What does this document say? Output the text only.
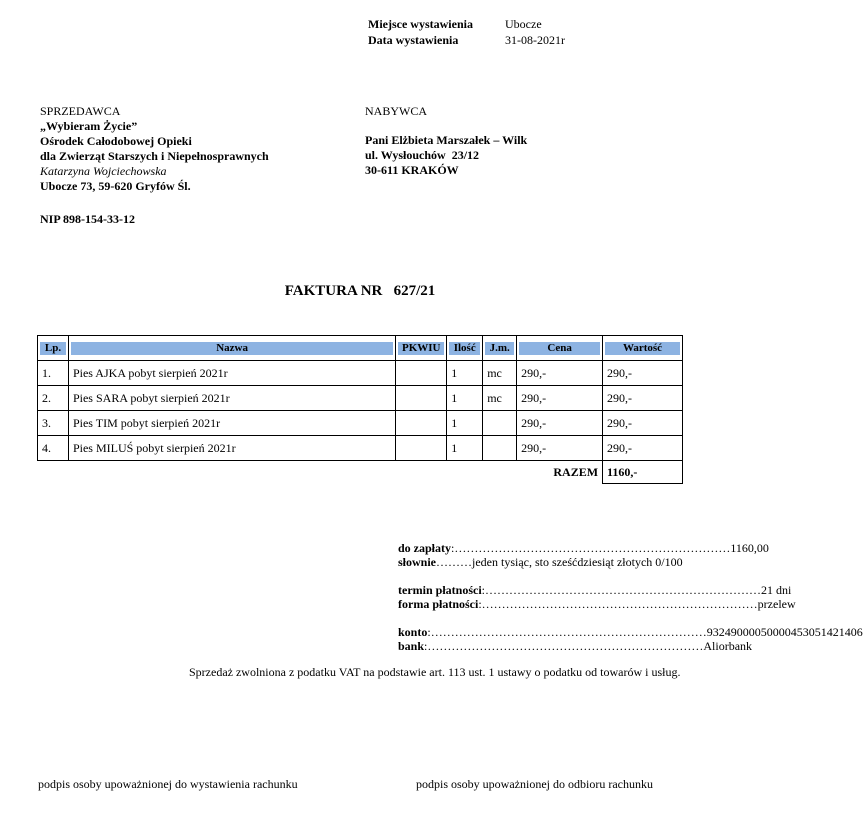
Miejsce wystawienia	Ubocze
Data wystawienia	31-08-2021r
SPRZEDAWCA
„Wybieram Życie”
Ośrodek Całodobowej Opieki
dla Zwierząt Starszych i Niepełnosprawnych
Katarzyna Wojciechowska
Ubocze 73, 59-620 Gryfów Śl.
NIP 898-154-33-12
NABYWCA
Pani Elżbieta Marszałek – Wilk
ul. Wysłouchów  23/12
30-611 KRAKÓW
FAKTURA NR   627/21
Lp.	Nazwa	PKWIU	Ilość	J.m.	Cena	Wartość

1.	Pies AJKA pobyt sierpień 2021r		1	mc	290,-	290,-
2.	Pies SARA pobyt sierpień 2021r		1	mc	290,-	290,-
3.	Pies TIM pobyt sierpień 2021r		1		290,-	290,-
4.	Pies MILUŚ pobyt sierpień 2021r		1		290,-	290,-
RAZEM						1160,-
do zapłaty : …………………………………………………………… 1160,00
słownie ……… jeden tysiąc, sto sześćdziesiąt złotych 0/100
termin płatności : …………………………………………………………… 21 dni
forma płatności : …………………………………………………………… przelew
konto : …………………………………………………………… 93249000050000453051421406
bank : …………………………………………………………… Aliorbank
Sprzedaż zwolniona z podatku VAT na podstawie art. 113 ust. 1 ustawy o podatku od towarów i usług.
podpis osoby upoważnionej do wystawienia rachunku	podpis osoby upoważnionej do odbioru rachunku
